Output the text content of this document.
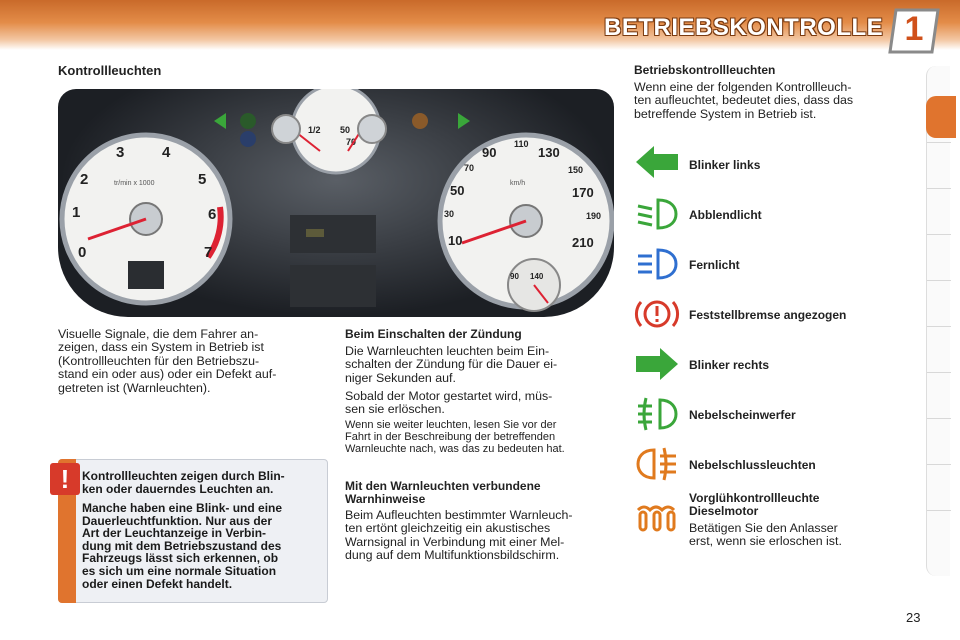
BETRIEBSKONTROLLE 1
Kontrollleuchten
0
1
2
3	4
5
6
7
tr/min x 1000
1/2 50
70
10
30
50
70
90
110
130
150
170
190
210
km/h
90 140
Visuelle Signale, die dem Fahrer an-
zeigen, dass ein System in Betrieb ist
(Kontrollleuchten für den Betriebszu-
stand ein oder aus) oder ein Defekt auf-
getreten ist (Warnleuchten).
!	Kontrollleuchten zeigen durch Blin-
ken oder dauerndes Leuchten an.
Manche haben eine Blink- und eine
Dauerleuchtfunktion. Nur aus der
Art der Leuchtanzeige in Verbin-
dung mit dem Betriebszustand des
Fahrzeugs lässt sich erkennen, ob
es sich um eine normale Situation
oder einen Defekt handelt.
Beim Einschalten der Zündung
Die Warnleuchten leuchten beim Ein-
schalten der Zündung für die Dauer ei-
niger Sekunden auf.
Sobald der Motor gestartet wird, müs-
sen sie erlöschen.
Wenn sie weiter leuchten, lesen Sie vor der
Fahrt in der Beschreibung der betreffenden
Warnleuchte nach, was das zu bedeuten hat.
Mit den Warnleuchten verbundene
Warnhinweise
Beim Aufleuchten bestimmter Warnleuch-
ten ertönt gleichzeitig ein akustisches
Warnsignal in Verbindung mit einer Mel-
dung auf dem Multifunktionsbildschirm.
Betriebskontrollleuchten
Wenn eine der folgenden Kontrollleuch-
ten aufleuchtet, bedeutet dies, dass das
betreffende System in Betrieb ist.
Blinker links
Abblendlicht
Fernlicht
Feststellbremse angezogen
Blinker rechts
Nebelscheinwerfer
Nebelschlussleuchten
Vorglühkontrollleuchte
Dieselmotor
Betätigen Sie den Anlasser
erst, wenn sie erloschen ist.
23
